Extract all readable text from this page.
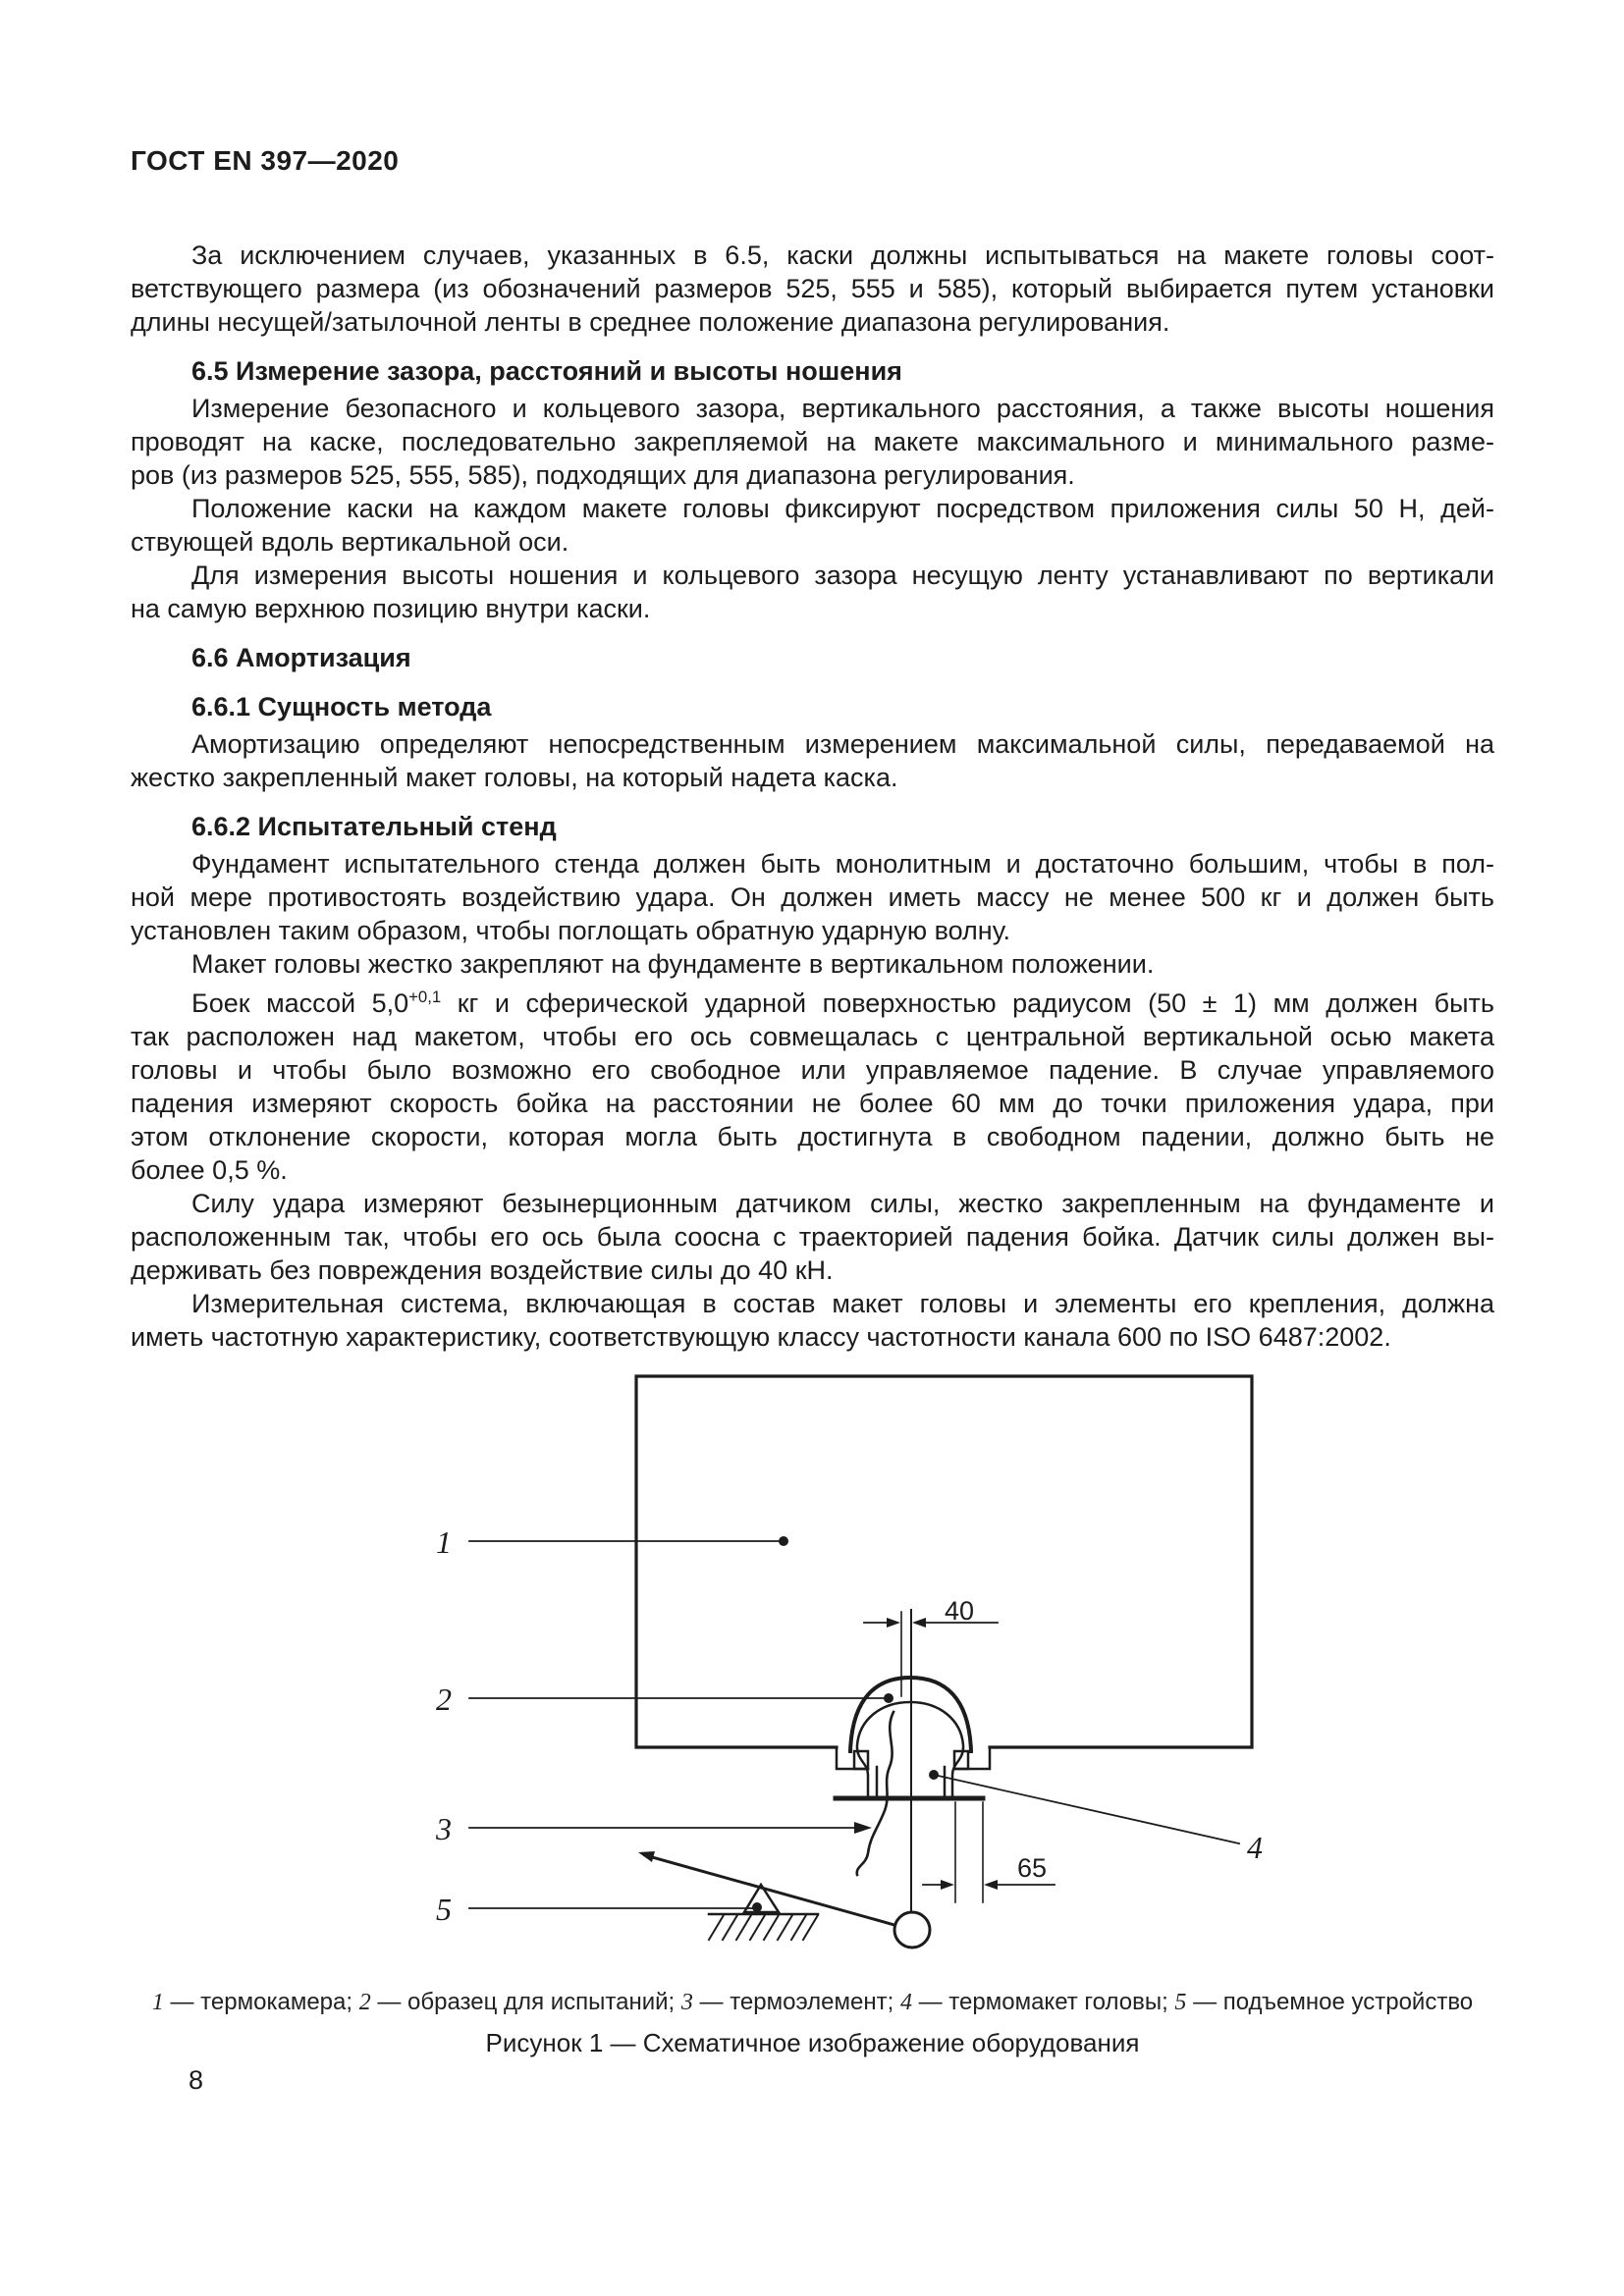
ГОСТ EN 397—2020
За исключением случаев, указанных в 6.5, каски должны испытываться на макете головы соот-
ветствующего размера (из обозначений размеров 525, 555 и 585), который выбирается путем установки
длины несущей/затылочной ленты в среднее положение диапазона регулирования.
6.5 Измерение зазора, расстояний и высоты ношения
Измерение безопасного и кольцевого зазора, вертикального расстояния, а также высоты ношения
проводят на каске, последовательно закрепляемой на макете максимального и минимального разме-
ров (из размеров 525, 555, 585), подходящих для диапазона регулирования.
Положение каски на каждом макете головы фиксируют посредством приложения силы 50 Н, дей-
ствующей вдоль вертикальной оси.
Для измерения высоты ношения и кольцевого зазора несущую ленту устанавливают по вертикали
на самую верхнюю позицию внутри каски.
6.6 Амортизация
6.6.1 Сущность метода
Амортизацию определяют непосредственным измерением максимальной силы, передаваемой на
жестко закрепленный макет головы, на который надета каска.
6.6.2 Испытательный стенд
Фундамент испытательного стенда должен быть монолитным и достаточно большим, чтобы в пол-
ной мере противостоять воздействию удара. Он должен иметь массу не менее 500 кг и должен быть
установлен таким образом, чтобы поглощать обратную ударную волну.
Макет головы жестко закрепляют на фундаменте в вертикальном положении.
Боек массой $5,0^{+0,1}$ кг и сферической ударной поверхностью радиусом (50 ± 1) мм должен быть
так расположен над макетом, чтобы его ось совмещалась с центральной вертикальной осью макета
головы и чтобы было возможно его свободное или управляемое падение. В случае управляемого
падения измеряют скорость бойка на расстоянии не более 60 мм до точки приложения удара, при
этом отклонение скорости, которая могла быть достигнута в свободном падении, должно быть не
более 0,5 %.
Силу удара измеряют безынерционным датчиком силы, жестко закрепленным на фундаменте и
расположенным так, чтобы его ось была соосна с траекторией падения бойка. Датчик силы должен вы-
держивать без повреждения воздействие силы до 40 кН.
Измерительная система, включающая в состав макет головы и элементы его крепления, должна
иметь частотную характеристику, соответствующую классу частотности канала 600 по ISO 6487:2002.
1
2
3
4
5
40
65
1 — термокамера; 2 — образец для испытаний; 3 — термоэлемент; 4 — термомакет головы; 5 — подъемное устройство
Рисунок 1 — Схематичное изображение оборудования
8
